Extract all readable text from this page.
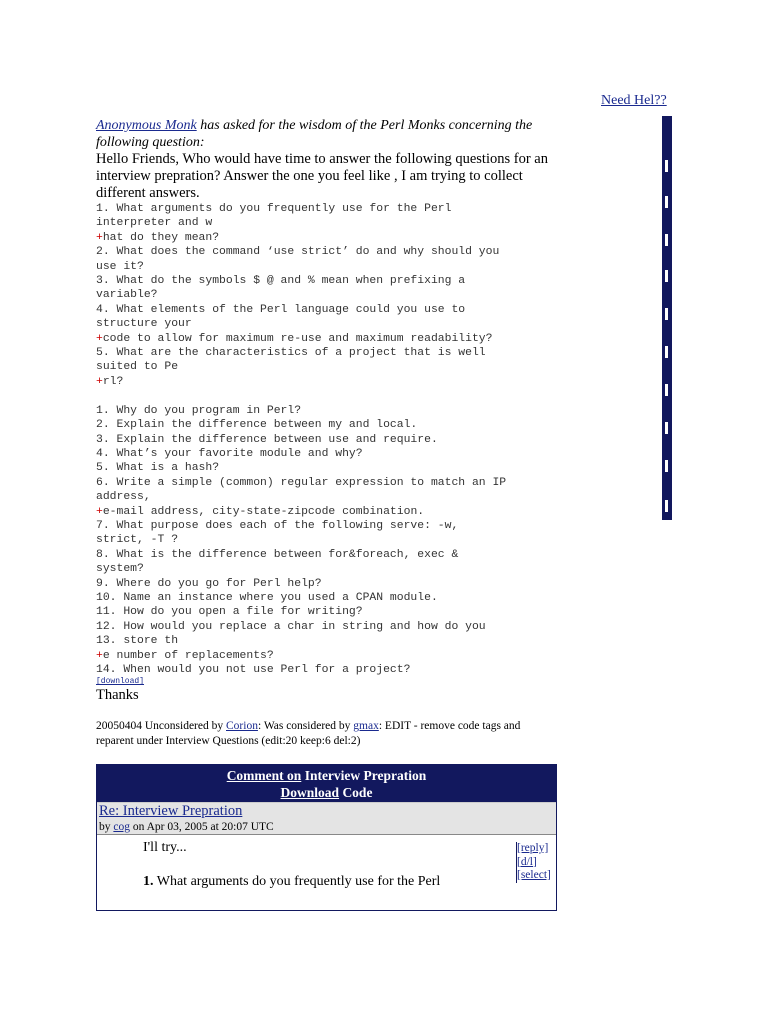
Need Hel??

Anonymous Monk has asked for the wisdom of the Perl Monks concerning the following question:

Hello Friends, Who would have time to answer the following questions for an interview prepration? Answer the one you feel like , I am trying to collect different answers.

1. What arguments do you frequently use for the Perl
interpreter and w
+hat do they mean?
2. What does the command ‘use strict’ do and why should you
use it?
3. What do the symbols $ @ and % mean when prefixing a
variable?
4. What elements of the Perl language could you use to
structure your
+code to allow for maximum re-use and maximum readability?
5. What are the characteristics of a project that is well
suited to Pe
+rl?

1. Why do you program in Perl?
2. Explain the difference between my and local.
3. Explain the difference between use and require.
4. What’s your favorite module and why?
5. What is a hash?
6. Write a simple (common) regular expression to match an IP
address,
+e-mail address, city-state-zipcode combination.
7. What purpose does each of the following serve: -w,
strict, -T ?
8. What is the difference between for&foreach, exec &
system?
9. Where do you go for Perl help?
10. Name an instance where you used a CPAN module.
11. How do you open a file for writing?
12. How would you replace a char in string and how do you
13. store th
+e number of replacements?
14. When would you not use Perl for a project?

[download]

Thanks

20050404 Unconsidered by Corion: Was considered by gmax: EDIT - remove code tags and reparent under Interview Questions (edit:20 keep:6 del:2)

Comment on Interview Prepration
Download Code
Re: Interview Prepration
by cog on Apr 03, 2005 at 20:07 UTC
I'll try...
1. What arguments do you frequently use for the Perl
[reply]
[d/l]
[select]
